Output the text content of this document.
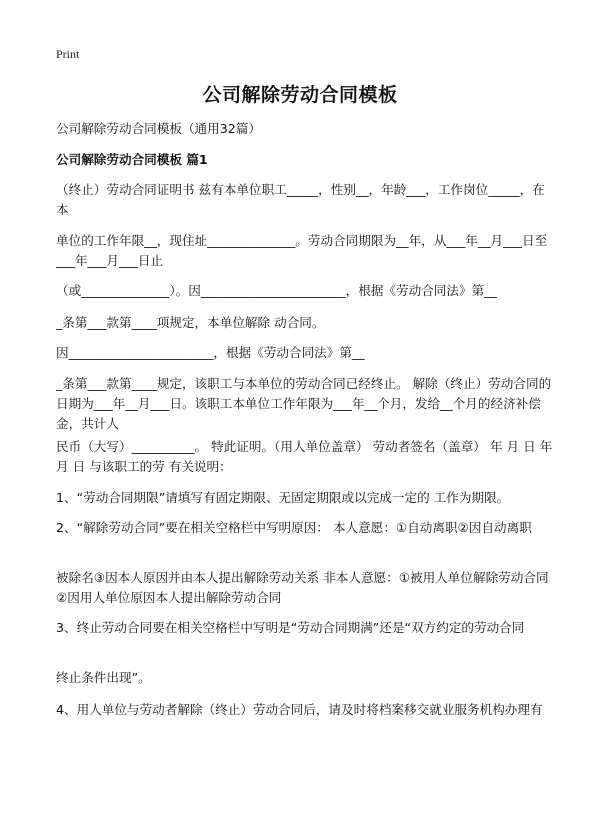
Print
公司解除劳动合同模板
公司解除劳动合同模板（通用32篇）
公司解除劳动合同模板 篇1
（终止）劳动合同证明书 兹有本单位职工_____，性别__，年龄___，工作岗位_____，在本
单位的工作年限__，现住址______________。劳动合同期限为__年，从___年__月___日至___年___月___日止
（或______________）。因_______________________，根据《劳动合同法》第__
_条第___款第____项规定，本单位解除 动合同。
因_______________________，根据《劳动合同法》第__
_条第___款第____规定，该职工与本单位的劳动合同已经终止。 解除（终止）劳动合同的日期为___年__月___日。该职工本单位工作年限为___年__个月，发给__个月的经济补偿金，共计人
民币（大写）__________。 特此证明。（用人单位盖章） 劳动者签名（盖章） 年 月 日 年 月 日 与该职工的劳 有关说明：
1、“劳动合同期限”请填写有固定期限、无固定期限或以完成一定的 工作为期限。
2、“解除劳动合同”要在相关空格栏中写明原因： 本人意愿：①自动离职②因自动离职
被除名③因本人原因并由本人提出解除劳动关系 非本人意愿：①被用人单位解除劳动合同②因用人单位原因本人提出解除劳动合同
3、终止劳动合同要在相关空格栏中写明是“劳动合同期满”还是“双方约定的劳动合同
终止条件出现”。
4、用人单位与劳动者解除（终止）劳动合同后，请及时将档案移交就业服务机构办理有
